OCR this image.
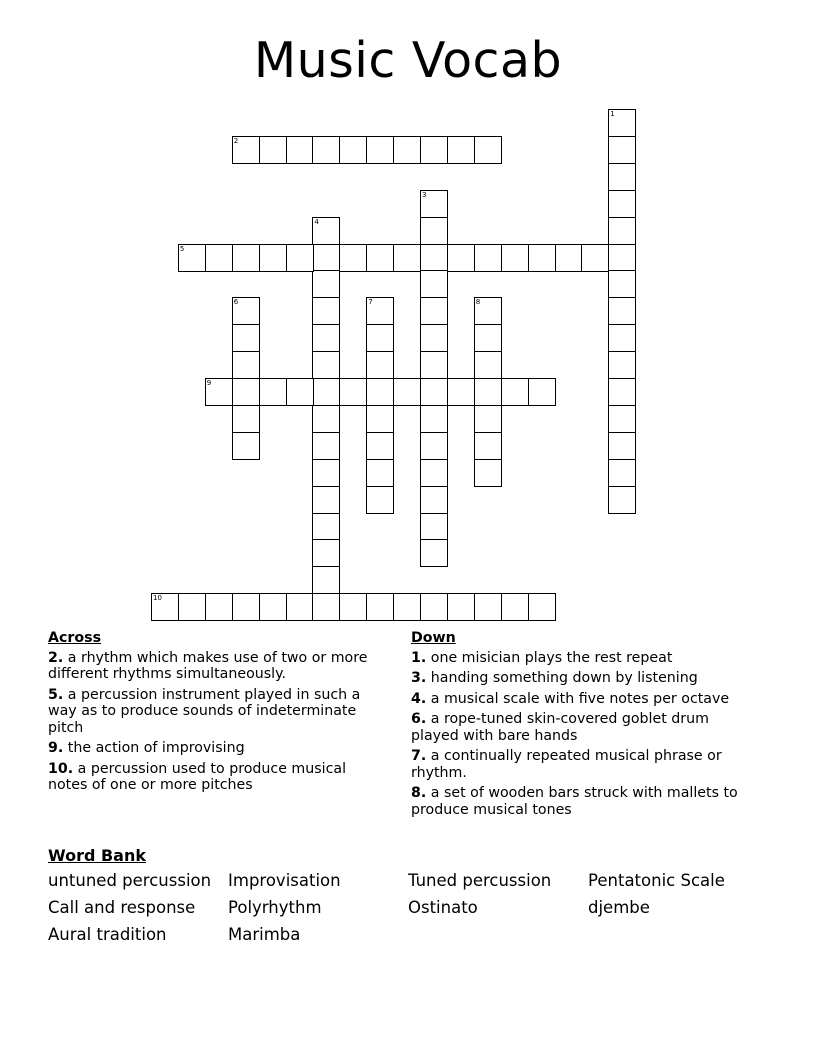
Music Vocab
1
2
3
4
5
6	7	8
9
10
Across
2. a rhythm which makes use of two or more different rhythms simultaneously.
5. a percussion instrument played in such a way as to produce sounds of indeterminate pitch
9. the action of improvising
10. a percussion used to produce musical notes of one or more pitches
Down
1. one misician plays the rest repeat
3. handing something down by listening
4. a musical scale with five notes per octave
6. a rope-tuned skin-covered goblet drum played with bare hands
7. a continually repeated musical phrase or rhythm.
8. a set of wooden bars struck with mallets to produce musical tones
Word Bank
untuned percussion	Improvisation	Tuned percussion	Pentatonic Scale
Call and response	Polyrhythm	Ostinato	djembe
Aural tradition	Marimba
